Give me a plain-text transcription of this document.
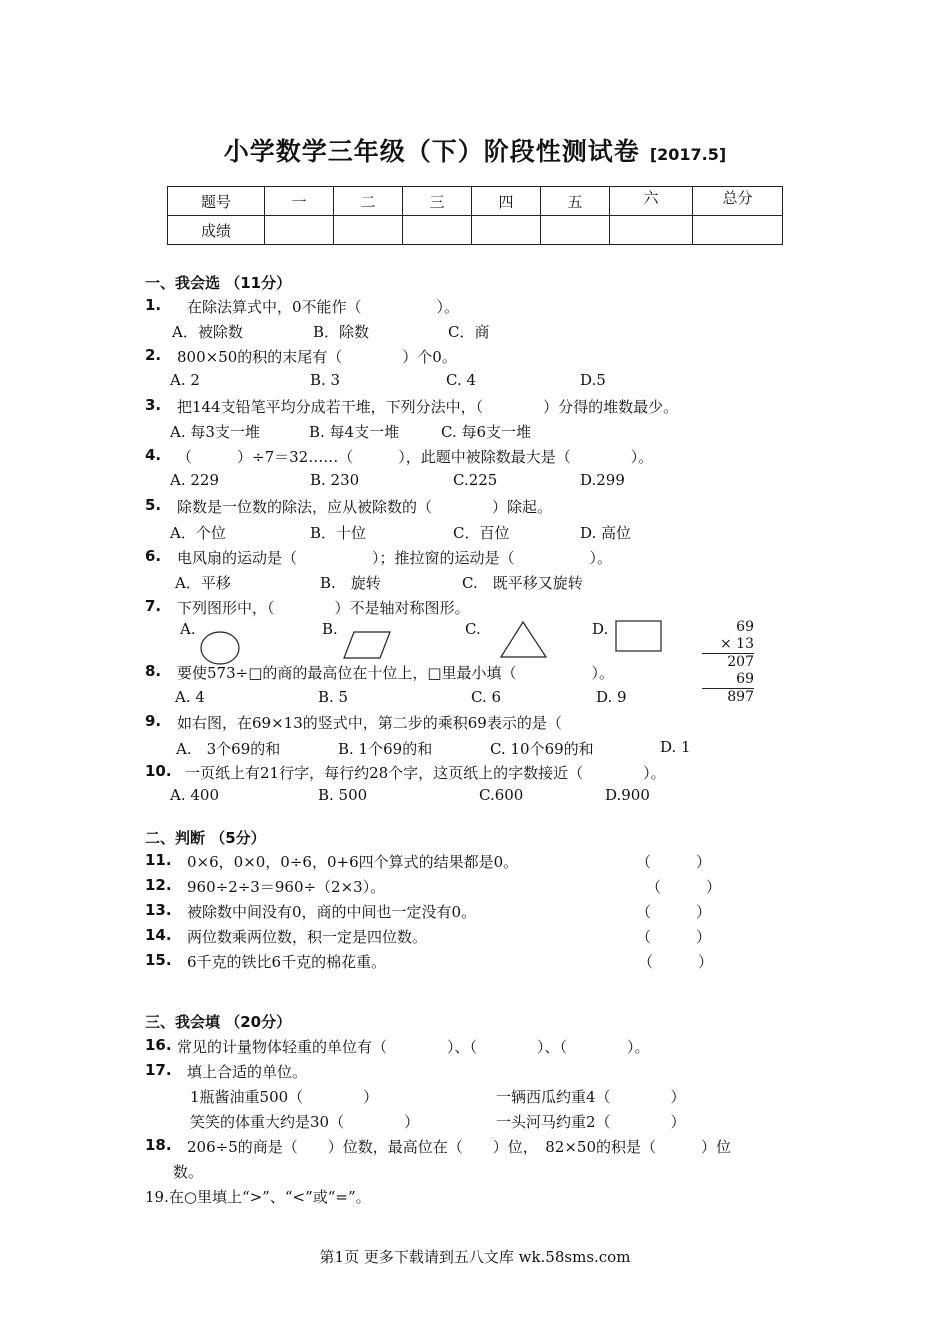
小学数学三年级（下）阶段性测试卷 [2017.5]
题号	一	二	三	四	五	六	总分
成绩							
一、我会选 （11分）
1. 在除法算式中，0不能作（　　　　　）。
A．被除数	B．除数	C．商
2. 800×50的积的末尾有（　　　　）个0。
A. 2	B. 3	C. 4	D.5
3. 把144支铅笔平均分成若干堆，下列分法中，（　　　　）分得的堆数最少。
A. 每3支一堆	B. 每4支一堆	C. 每6支一堆
4. （　　　）÷7＝32……（　　　），此题中被除数最大是（　　　　）。
A. 229	B. 230	C.225	D.299
5. 除数是一位数的除法，应从被除数的（　　　　）除起。
A．个位	B．十位	C．百位	D. 高位
6. 电风扇的运动是（　　　　　）；推拉窗的运动是（　　　　　）。
A．平移	B.　旋转	C.　既平移又旋转
7. 下列图形中，（　　　　）不是轴对称图形。
A.	B.	C.	D.	69
× 13
207
69
897
8. 要使573÷□的商的最高位在十位上，□里最小填（　　　　　）。
A. 4	B. 5	C. 6	D. 9
9. 如右图，在69×13的竖式中，第二步的乘积69表示的是（
A.　3个69的和	B. 1个69的和	C. 10个69的和	D. 1
10. 一页纸上有21行字，每行约28个字，这页纸上的字数接近（　　　　）。
A. 400	B. 500	C.600	D.900
二、判断 （5分）
11. 0×6，0×0，0÷6，0+6四个算式的结果都是0。	（　　　）
12. 960÷2÷3＝960÷（2×3）。	（　　　）
13. 被除数中间没有0，商的中间也一定没有0。	（　　　）
14. 两位数乘两位数，积一定是四位数。	（　　　）
15. 6千克的铁比6千克的棉花重。	（　　　）
三、我会填 （20分）
16. 常见的计量物体轻重的单位有（　　　　）、（　　　　）、（　　　　）。
17. 填上合适的单位。
1瓶酱油重500（　　　　）	一辆西瓜约重4（　　　　）
笑笑的体重大约是30（　　　　）	一头河马约重2（　　　　）
18. 206÷5的商是（　　）位数，最高位在（　　）位，　82×50的积是（　　　）位
数。
19.在○里填上“>”、“<”或“=”。
第1页 更多下载请到五八文库 wk.58sms.com
